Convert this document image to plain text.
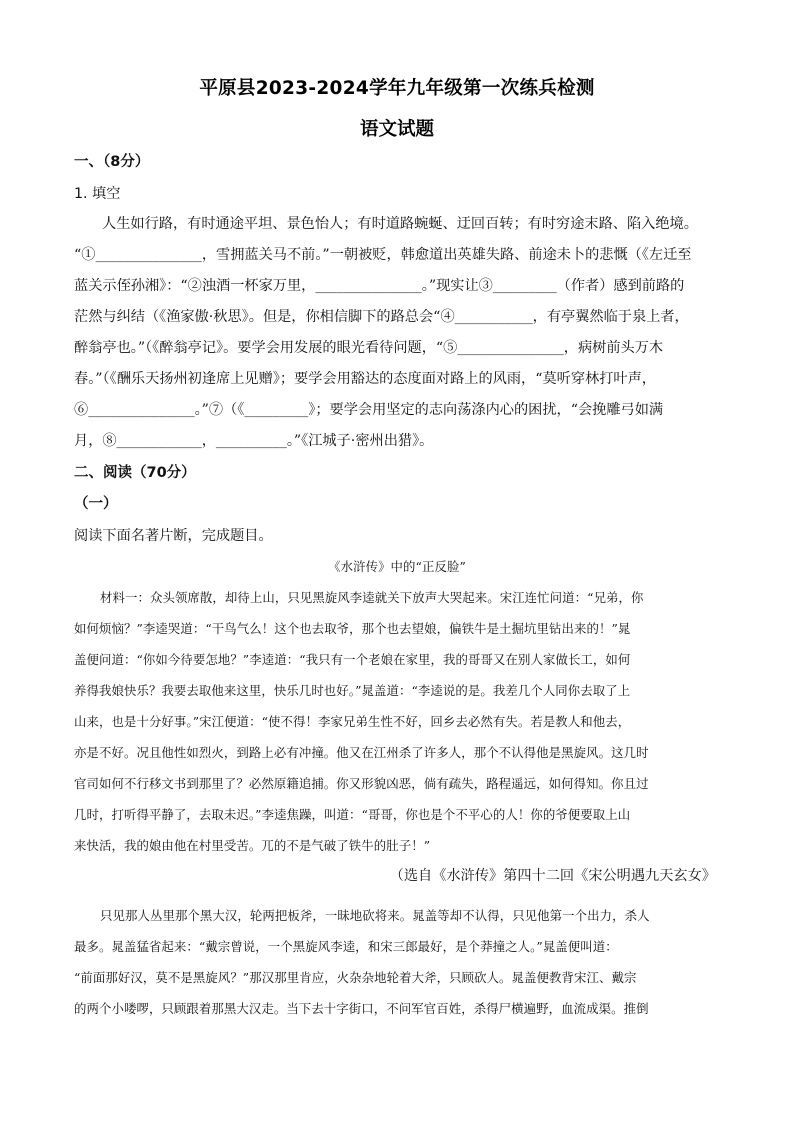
平原县2023-2024学年九年级第一次练兵检测
语文试题
一、（8分）
1. 填空
人生如行路，有时通途平坦、景色怡人；有时道路蜿蜒、迂回百转；有时穷途末路、陷入绝境。
“①_______________，雪拥蓝关马不前。”一朝被贬，韩愈道出英雄失路、前途未卜的悲慨（《左迁至
蓝关示侄孙湘》：“②浊酒一杯家万里，_______________。”现实让③_________（作者）感到前路的
茫然与纠结（《渔家傲·秋思》。但是，你相信脚下的路总会“④___________，有亭翼然临于泉上者，
醉翁亭也。”（《醉翁亭记》。要学会用发展的眼光看待问题，“⑤_______________，病树前头万木
春。”（《酬乐天扬州初逢席上见赠》；要学会用豁达的态度面对路上的风雨，“莫听穿林打叶声，
⑥_______________。”⑦（《_________》；要学会用坚定的志向荡涤内心的困扰，“会挽雕弓如满
月，⑧____________，__________。”《江城子·密州出猎》。
二、阅读（70分）
（一）
阅读下面名著片断，完成题目。
《水浒传》中的“正反脸”
材料一：众头领席散，却待上山，只见黑旋风李逵就关下放声大哭起来。宋江连忙问道：“兄弟，你
如何烦恼？”李逵哭道：“干鸟气么！这个也去取爷，那个也去望娘，偏铁牛是土掘坑里钻出来的！”晁
盖便问道：“你如今待要怎地？”李逵道：“我只有一个老娘在家里，我的哥哥又在别人家做长工，如何
养得我娘快乐？我要去取他来这里，快乐几时也好。”晁盖道：“李逵说的是。我差几个人同你去取了上
山来，也是十分好事。”宋江便道：“使不得！李家兄弟生性不好，回乡去必然有失。若是教人和他去，
亦是不好。况且他性如烈火，到路上必有冲撞。他又在江州杀了许多人，那个不认得他是黑旋风。这几时
官司如何不行移文书到那里了？必然原籍追捕。你又形貌凶恶，倘有疏失，路程遥远，如何得知。你且过
几时，打听得平静了，去取未迟。”李逵焦躁，叫道：“哥哥，你也是个不平心的人！你的爷便要取上山
来快活，我的娘由他在村里受苦。兀的不是气破了铁牛的肚子！”
（选自《水浒传》第四十二回《宋公明遇九天玄女》
只见那人丛里那个黑大汉，轮两把板斧，一昧地砍将来。晁盖等却不认得，只见他第一个出力，杀人
最多。晁盖猛省起来：“戴宗曾说，一个黑旋风李逵，和宋三郎最好，是个莽撞之人。”晁盖便叫道：
“前面那好汉，莫不是黑旋风？”那汉那里肯应，火杂杂地轮着大斧，只顾砍人。晁盖便教背宋江、戴宗
的两个小喽啰，只顾跟着那黑大汉走。当下去十字街口，不问军官百姓，杀得尸横遍野，血流成渠。推倒
